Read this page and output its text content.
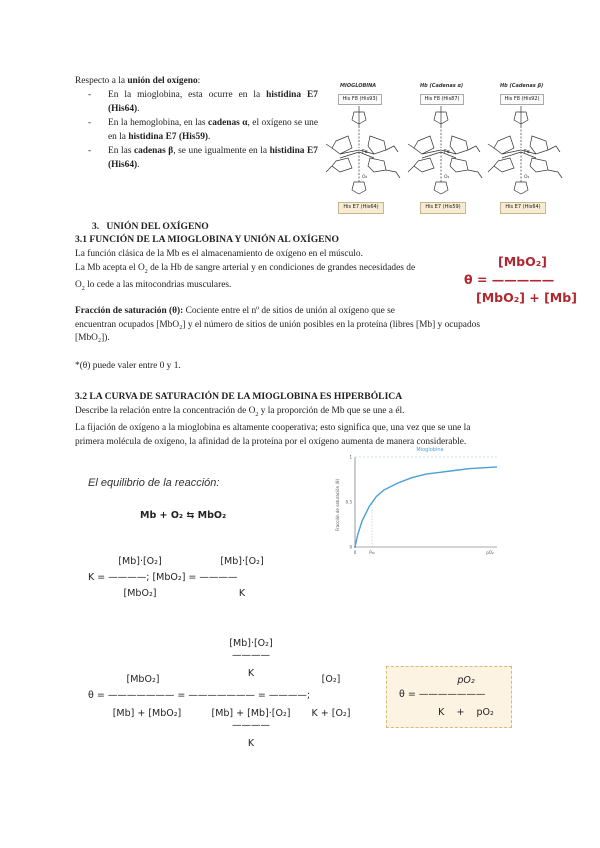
Respecto a la unión del oxígeno:
- En la mioglobina, esta ocurre en la histidina E7 (His64).
- En la hemoglobina, en las cadenas α, el oxígeno se une en la histidina E7 (His59).
- En las cadenas β, se une igualmente en la histidina E7 (His64).
MIOGLOBINA
His F8 (His93)
Fe
O₂
His E7 (His64)
Hb (Cadenas α)
His F8 (His87)
Fe
O₂
His E7 (His59)
Hb (Cadenas β)
His F8 (His92)
Fe
O₂
His E7 (His64)
3. UNIÓN DEL OXÍGENO
3.1 FUNCIÓN DE LA MIOGLOBINA Y UNIÓN AL OXÍGENO
La función clásica de la Mb es el almacenamiento de oxígeno en el músculo.
La Mb acepta el $O_2$ de la Hb de sangre arterial y en condiciones de grandes necesidades de
$O_2$ lo cede a las mitocondrias musculares.
[MbO₂]
θ = —————
[MbO₂] + [Mb]
Fracción de saturación (θ): Cociente entre el nº de sitios de unión al oxígeno que se
encuentran ocupados [MbO₂] y el número de sitios de unión posibles en la proteína (libres [Mb] y ocupados
[MbO₂]).
*(θ) puede valer entre 0 y 1.
3.2 LA CURVA DE SATURACIÓN DE LA MIOGLOBINA ES HIPERBÓLICA
Describe la relación entre la concentración de $O_2$ y la proporción de Mb que se une a él.
La fijación de oxígeno a la mioglobina es altamente cooperativa; esto significa que, una vez que se une la
primera molécula de oxígeno, la afinidad de la proteína por el oxígeno aumenta de manera considerable.
El equilibrio de la reacción:
Mb + O₂ ⇆ MbO₂
[Mb]·[O₂]
K = ————; [MbO₂] = ————
[MbO₂]
[Mb]·[O₂]
K
Mioglobina
Fracción de saturación (θ)
1
0.5
0
0	P₅₀	pO₂
[Mb]·[O₂]
————
K
[MbO₂]	[O₂]
θ = ——————— = ——————— = ————;
[Mb] + [MbO₂]	[Mb] + [Mb]·[O₂]
————
K
K + [O₂]
pO₂
θ = ———————
K    +    pO₂
